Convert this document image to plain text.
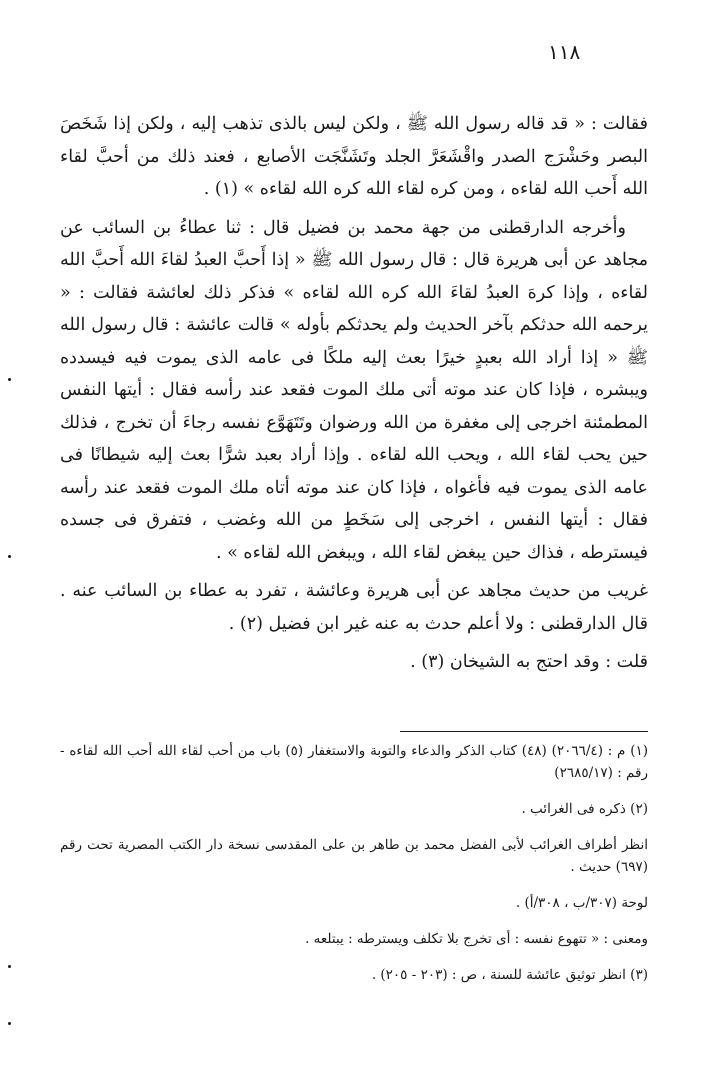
١١٨

فقالت : « قد قاله رسول الله ﷺ ، ولكن ليس بالذى تذهب إليه ، ولكن إذا شَخَصَ البصر وحَشْرَج الصدر واقْشَعَرَّ الجلد وتَشَنَّجَت الأصابع ، فعند ذلك من أحبَّ لقاء الله أَحب الله لقاءه ، ومن كره لقاء الله كره الله لقاءه » (١) .

وأخرجه الدارقطنى من جهة محمد بن فضيل قال : ثنا عطاءُ بن السائب عن مجاهد عن أبى هريرة قال : قال رسول الله ﷺ « إذا أَحبَّ العبدُ لقاءَ الله أَحبَّ الله لقاءه ، وإذا كرهَ العبدُ لقاءَ الله كره الله لقاءه » فذكر ذلك لعائشة فقالت : « يرحمه الله حدثكم بآخر الحديث ولم يحدثكم بأوله » قالت عائشة : قال رسول الله ﷺ « إذا أراد الله بعبدٍ خيرًا بعث إليه ملكًا فى عامه الذى يموت فيه فيسدده ويبشره ، فإذا كان عند موته أتى ملك الموت فقعد عند رأسه فقال : أيتها النفس المطمئنة اخرجى إلى مغفرة من الله ورضوان وتَتَهَوَّع نفسه رجاءَ أن تخرج ، فذلك حين يحب لقاء الله ، ويحب الله لقاءه . وإذا أراد بعبد شرًّا بعث إليه شيطانًا فى عامه الذى يموت فيه فأغواه ، فإذا كان عند موته أتاه ملك الموت فقعد عند رأسه فقال : أيتها النفس ، اخرجى إلى سَخَطٍ من الله وغضب ، فتفرق فى جسده فيسترطه ، فذاك حين يبغض لقاء الله ، ويبغض الله لقاءه » .

غريب من حديث مجاهد عن أبى هريرة وعائشة ، تفرد به عطاء بن السائب عنه . قال الدارقطنى : ولا أعلم حدث به عنه غير ابن فضيل (٢) .

قلت : وقد احتج به الشيخان (٣) .

(١) م : (٢٠٦٦/٤) (٤٨) كتاب الذكر والدعاء والتوبة والاستغفار (٥) باب من أحب لقاء الله أحب الله لقاءه - رقم : (٢٦٨٥/١٧)

(٢) ذكره فى الغرائب .

انظر أطراف الغرائب لأبى الفضل محمد بن طاهر بن على المقدسى نسخة دار الكتب المصرية تحت رقم (٦٩٧) حديث .

لوحة (٣٠٧/ب ، ٣٠٨/أ) .

ومعنى : « تتهوع نفسه : أى تخرج بلا تكلف ويسترطه : يبتلعه .

(٣) انظر توثيق عائشة للسنة ، ص : (٢٠٣ - ٢٠٥) .
